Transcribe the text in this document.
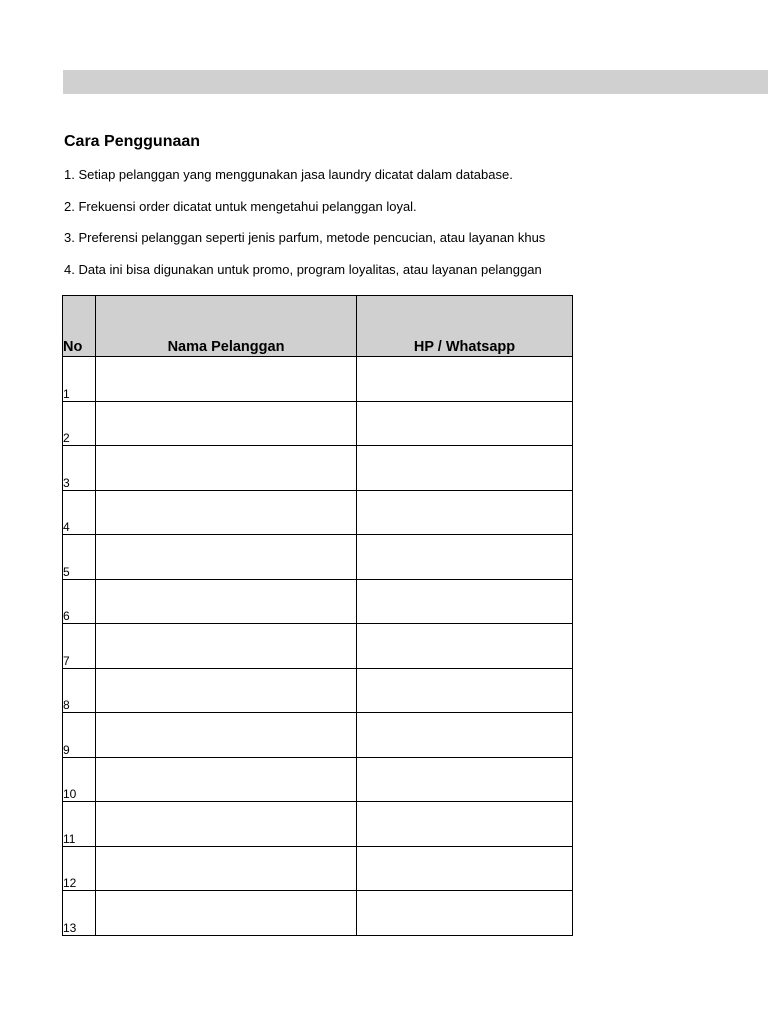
Cara Penggunaan
1. Setiap pelanggan yang menggunakan jasa laundry dicatat dalam database.
2. Frekuensi order dicatat untuk mengetahui pelanggan loyal.
3. Preferensi pelanggan seperti jenis parfum, metode pencucian, atau layanan khus
4. Data ini bisa digunakan untuk promo, program loyalitas, atau layanan pelanggan
No	Nama Pelanggan	HP / Whatsapp
1		
2		
3		
4		
5		
6		
7		
8		
9		
10		
11		
12		
13		
